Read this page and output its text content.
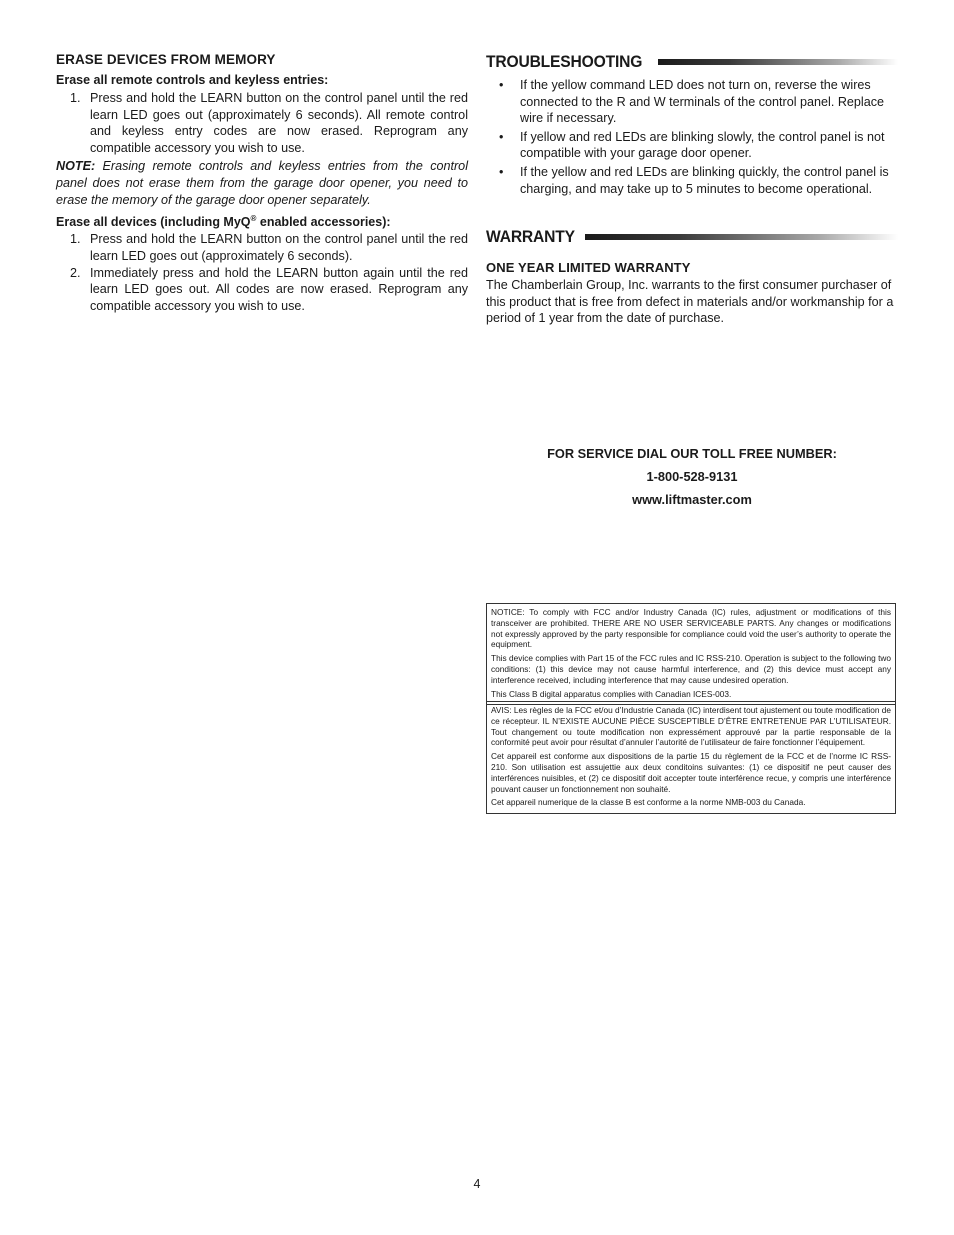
ERASE DEVICES FROM MEMORY
Erase all remote controls and keyless entries:
1. Press and hold the LEARN button on the control panel until the red learn LED goes out (approximately 6 seconds). All remote control and keyless entry codes are now erased. Reprogram any compatible accessory you wish to use.

NOTE: Erasing remote controls and keyless entries from the control panel does not erase them from the garage door opener, you need to erase the memory of the garage door opener separately.

Erase all devices (including MyQ® enabled accessories):
1. Press and hold the LEARN button on the control panel until the red learn LED goes out (approximately 6 seconds).
2. Immediately press and hold the LEARN button again until the red learn LED goes out. All codes are now erased. Reprogram any compatible accessory you wish to use.
TROUBLESHOOTING
• If the yellow command LED does not turn on, reverse the wires connected to the R and W terminals of the control panel. Replace wire if necessary.
• If yellow and red LEDs are blinking slowly, the control panel is not compatible with your garage door opener.
• If the yellow and red LEDs are blinking quickly, the control panel is charging, and may take up to 5 minutes to become operational.
WARRANTY
ONE YEAR LIMITED WARRANTY
The Chamberlain Group, Inc. warrants to the first consumer purchaser of this product that is free from defect in materials and/or workmanship for a period of 1 year from the date of purchase.
FOR SERVICE DIAL OUR TOLL FREE NUMBER:
1-800-528-9131
www.liftmaster.com

NOTICE: To comply with FCC and/or Industry Canada (IC) rules, adjustment or modifications of this transceiver are prohibited. THERE ARE NO USER SERVICEABLE PARTS. Any changes or modifications not expressly approved by the party responsible for compliance could void the user’s authority to operate the equipment.

This device complies with Part 15 of the FCC rules and IC RSS-210. Operation is subject to the following two conditions: (1) this device may not cause harmful interference, and (2) this device must accept any interference received, including interference that may cause undesired operation.

This Class B digital apparatus complies with Canadian ICES-003.

AVIS: Les règles de la FCC et/ou d’Industrie Canada (IC) interdisent tout ajustement ou toute modification de ce récepteur. IL N’EXISTE AUCUNE PIÈCE SUSCEPTIBLE D’ÊTRE ENTRETENUE PAR L’UTILISATEUR. Tout changement ou toute modification non expressément approuvé par la partie responsable de la conformité peut avoir pour résultat d’annuler l’autorité de l’utilisateur de faire fonctionner l’équipement.

Cet appareil est conforme aux dispositions de la partie 15 du règlement de la FCC et de l’norme IC RSS-210. Son utilisation est assujettie aux deux conditoins suivantes: (1) ce dispositif ne peut causer des interférences nuisibles, et (2) ce dispositif doit accepter toute interférence recue, y compris une interférence pouvant causer un fonctionnement non souhaité.

Cet appareil numerique de la classe B est conforme a la norme NMB-003 du Canada.

4
